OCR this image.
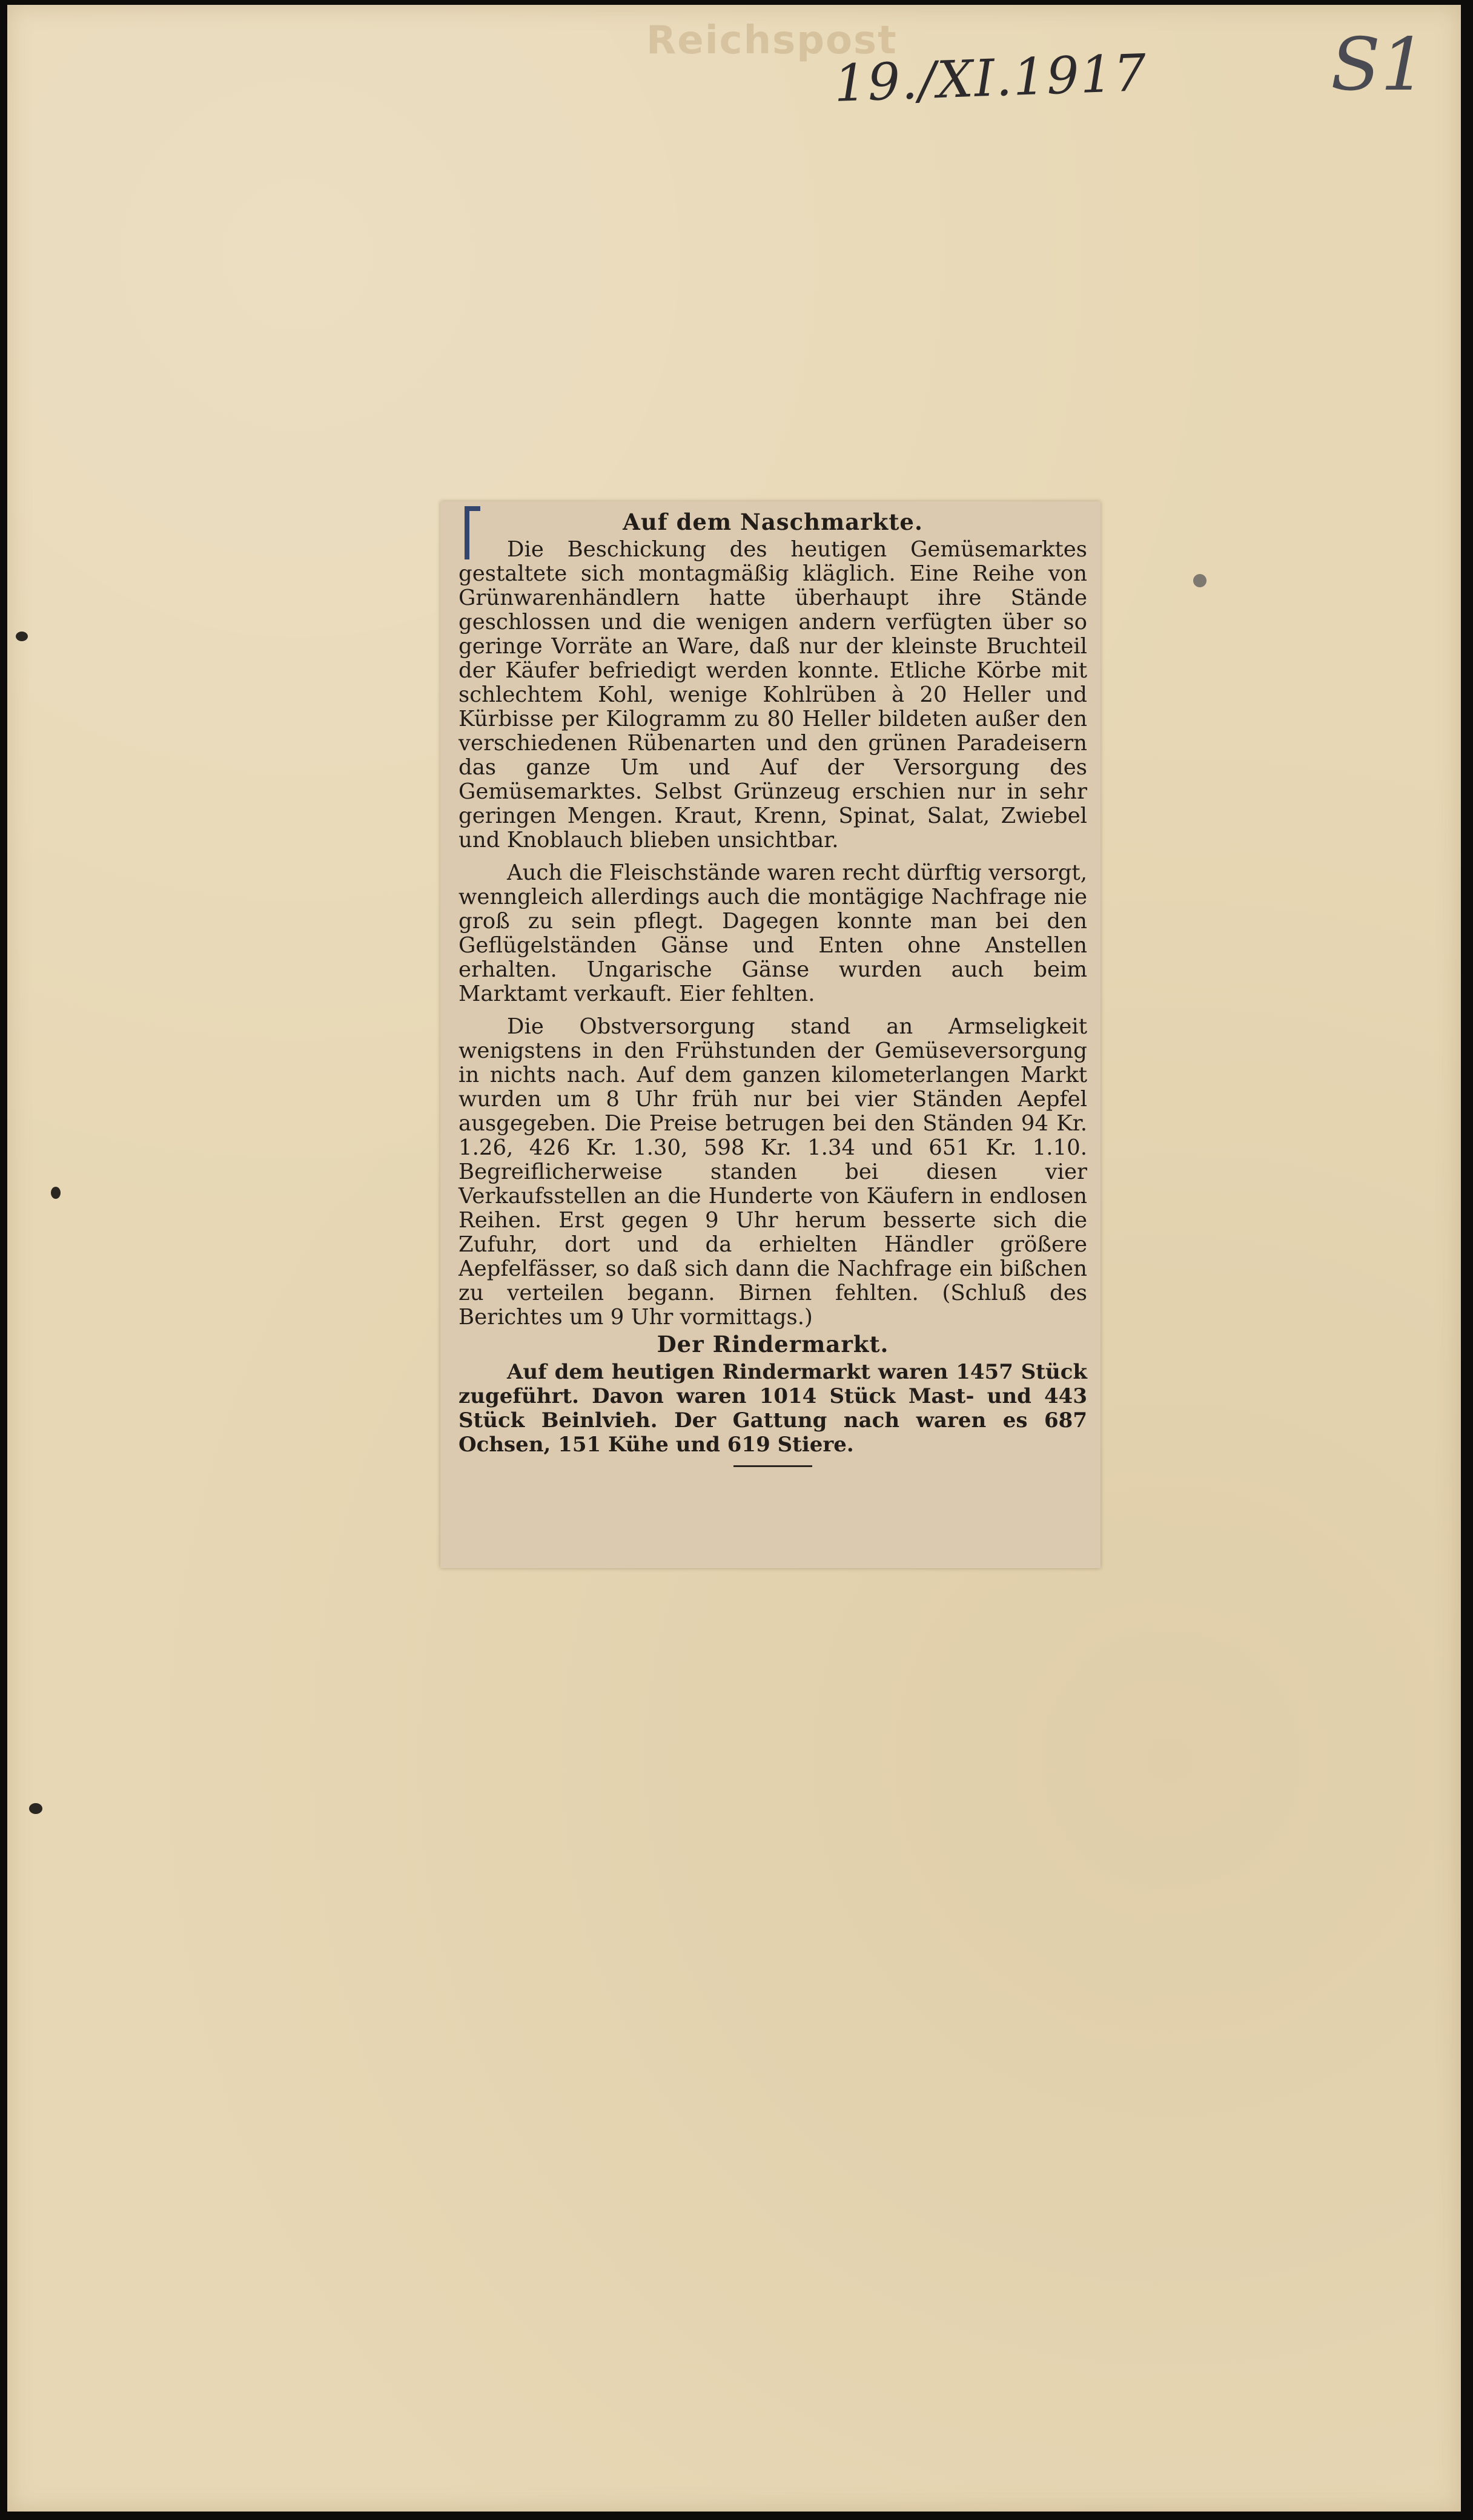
Reichspost
19./XI.1917	S1
Auf dem Naschmarkte.

Die Beschickung des heutigen Gemüsemarktes gestaltete sich montagmäßig kläglich. Eine Reihe von Grünwarenhändlern hatte überhaupt ihre Stände geschlossen und die wenigen andern verfügten über so geringe Vorräte an Ware, daß nur der kleinste Bruchteil der Käufer befriedigt werden konnte. Etliche Körbe mit schlechtem Kohl, wenige Kohlrüben à 20 Heller und Kürbisse per Kilogramm zu 80 Heller bildeten außer den verschiedenen Rübenarten und den grünen Paradeisern das ganze Um und Auf der Versorgung des Gemüsemarktes. Selbst Grünzeug erschien nur in sehr geringen Mengen. Kraut, Krenn, Spinat, Salat, Zwiebel und Knoblauch blieben unsichtbar.

Auch die Fleischstände waren recht dürftig versorgt, wenngleich allerdings auch die montägige Nachfrage nie groß zu sein pflegt. Dagegen konnte man bei den Geflügelständen Gänse und Enten ohne Anstellen erhalten. Ungarische Gänse wurden auch beim Marktamt verkauft. Eier fehlten.

Die Obstversorgung stand an Armseligkeit wenigstens in den Frühstunden der Gemüseversorgung in nichts nach. Auf dem ganzen kilometerlangen Markt wurden um 8 Uhr früh nur bei vier Ständen Aepfel ausgegeben. Die Preise betrugen bei den Ständen 94 Kr. 1.26, 426 Kr. 1.30, 598 Kr. 1.34 und 651 Kr. 1.10. Begreiflicherweise standen bei diesen vier Verkaufsstellen an die Hunderte von Käufern in endlosen Reihen. Erst gegen 9 Uhr herum besserte sich die Zufuhr, dort und da erhielten Händler größere Aepfelfässer, so daß sich dann die Nachfrage ein bißchen zu verteilen begann. Birnen fehlten. (Schluß des Berichtes um 9 Uhr vormittags.)

Der Rindermarkt.

Auf dem heutigen Rindermarkt waren 1457 Stück zugeführt. Davon waren 1014 Stück Mast- und 443 Stück Beinlvieh. Der Gattung nach waren es 687 Ochsen, 151 Kühe und 619 Stiere.
